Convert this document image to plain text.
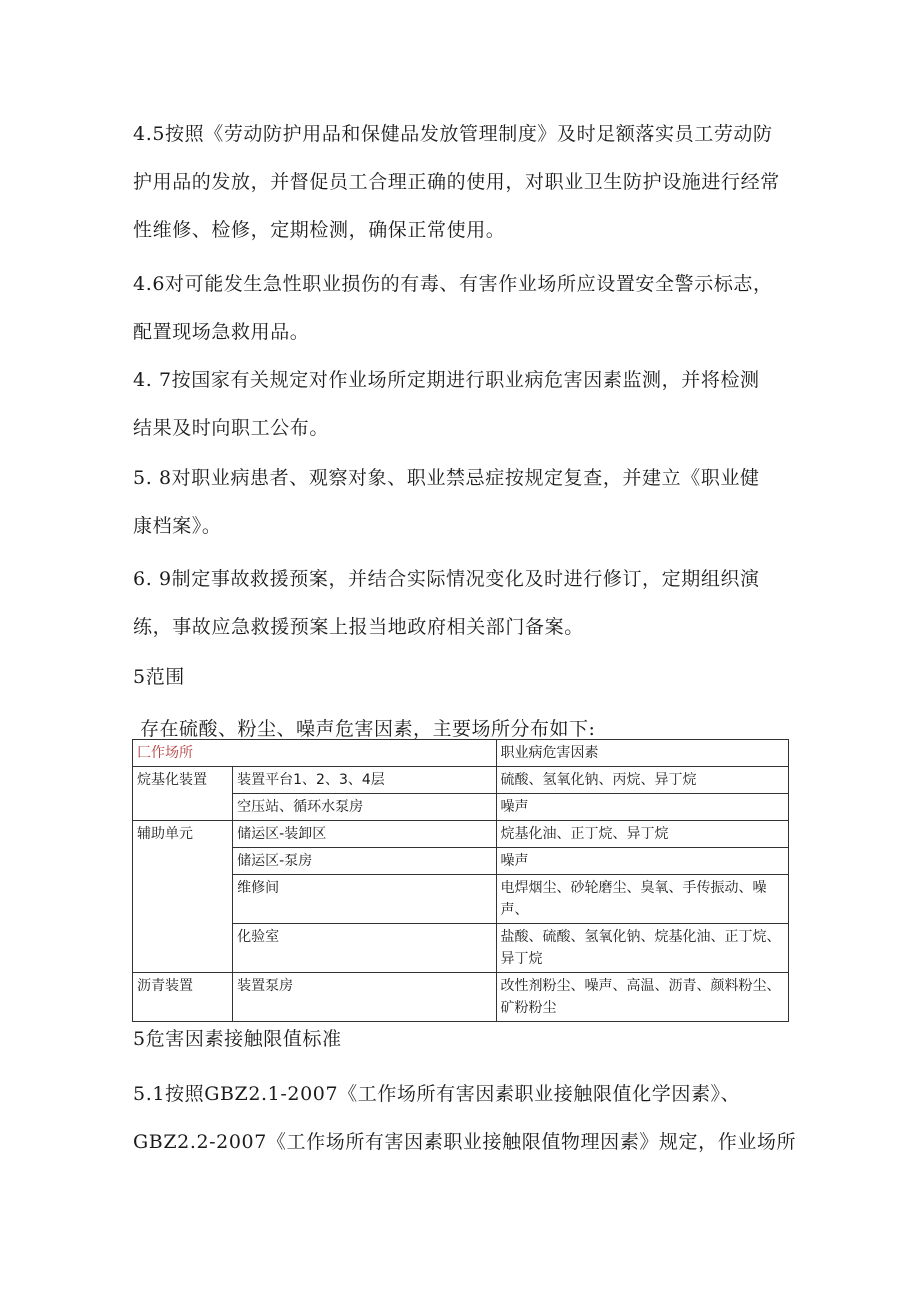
4.5按照《劳动防护用品和保健品发放管理制度》及时足额落实员工劳动防
护用品的发放，并督促员工合理正确的使用，对职业卫生防护设施进行经常
性维修、检修，定期检测，确保正常使用。
4.6对可能发生急性职业损伤的有毒、有害作业场所应设置安全警示标志，
配置现场急救用品。
4. 7按国家有关规定对作业场所定期进行职业病危害因素监测，并将检测
结果及时向职工公布。
5. 8对职业病患者、观察对象、职业禁忌症按规定复查，并建立《职业健
康档案》。
6. 9制定事故救援预案，并结合实际情况变化及时进行修订，定期组织演
练，事故应急救援预案上报当地政府相关部门备案。
5范围
存在硫酸、粉尘、噪声危害因素，主要场所分布如下:
匚作场所		职业病危害因素
烷基化装置	装置平台1、2、3、4层	硫酸、氢氧化钠、丙烷、异丁烷
	空压站、循环水泵房	噪声
辅助单元	储运区-装卸区	烷基化油、正丁烷、异丁烷
	储运区-泵房	噪声
	维修间	电焊烟尘、砂轮磨尘、臭氧、手传振动、噪声、
	化验室	盐酸、硫酸、氢氧化钠、烷基化油、正丁烷、异丁烷
沥青装置	装置泵房	改性剂粉尘、噪声、高温、沥青、颜料粉尘、矿粉粉尘
5危害因素接触限值标准
5.1按照GBZ2.1-2007《工作场所有害因素职业接触限值化学因素》、
GBZ2.2-2007《工作场所有害因素职业接触限值物理因素》规定，作业场所
